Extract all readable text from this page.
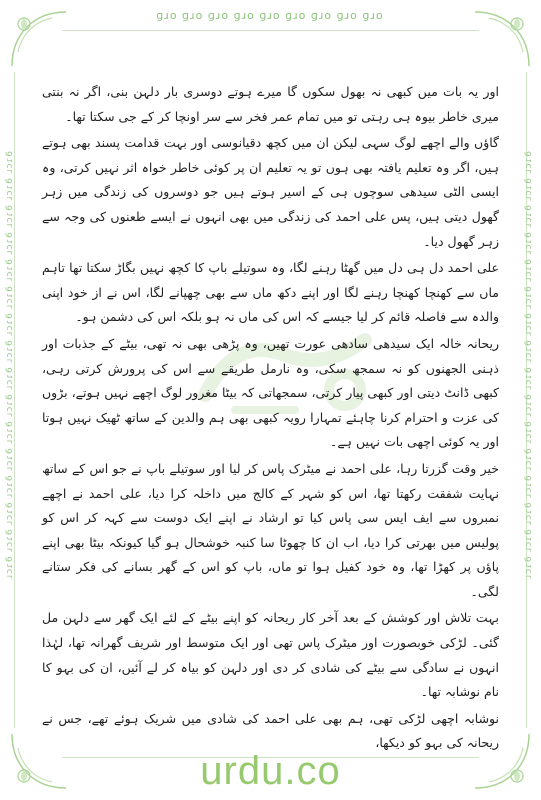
ɡɹo ɡɹo ɡɹo ɡɹo ɡɹo ɡɹo ɡɹo ɡɹo ɡɹo
ɹɔɾ6 ɹɔɾ6 ɹɔɾ6 ɹɔɾ6 ɹɔɾ6 ɹɔɾ6 ɹɔɾ6 ɹɔɾ6 ɹɔɾ6 ɹɔɾ6 ɹɔɾ6 ɹɔɾ6 ɹɔɾ6 ɹɔɾ6 ɹɔɾ6 ɹɔɾ6	ɹɔɾ6 ɹɔɾ6 ɹɔɾ6 ɹɔɾ6 ɹɔɾ6 ɹɔɾ6 ɹɔɾ6 ɹɔɾ6 ɹɔɾ6 ɹɔɾ6 ɹɔɾ6 ɹɔɾ6 ɹɔɾ6 ɹɔɾ6 ɹɔɾ6 ɹɔɾ6

اور یہ بات میں کبھی نہ بھول سکوں گا میرے ہوتے دوسری بار دلہن بنی، اگر نہ بنتی میری خاطر بیوہ ہی رہتی تو میں تمام عمر فخر سے سر اونچا کر کے جی سکتا تھا۔

گاؤں والے اچھے لوگ سہی لیکن ان میں کچھ دقیانوسی اور بہت قدامت پسند بھی ہوتے ہیں، اگر وہ تعلیم یافتہ بھی ہوں تو یہ تعلیم ان پر کوئی خاطر خواہ اثر نہیں کرتی، وہ ایسی الٹی سیدھی سوچوں ہی کے اسیر ہوتے ہیں جو دوسروں کی زندگی میں زہر گھول دیتی ہیں، پس علی احمد کی زندگی میں بھی انہوں نے ایسے طعنوں کی وجہ سے زہر گھول دیا۔

علی احمد دل ہی دل میں گھٹا رہنے لگا، وہ سوتیلے باپ کا کچھ نہیں بگاڑ سکتا تھا تاہم ماں سے کھنچا کھنچا رہنے لگا اور اپنے دکھ ماں سے بھی چھپانے لگا، اس نے از خود اپنی والدہ سے فاصلہ قائم کر لیا جیسے کہ اس کی ماں نہ ہو بلکہ اس کی دشمن ہو۔

ریحانہ خالہ ایک سیدھی سادھی عورت تھیں، وہ پڑھی بھی نہ تھی، بیٹے کے جذبات اور ذہنی الجھنوں کو نہ سمجھ سکی، وہ نارمل طریقے سے اس کی پرورش کرتی رہی، کبھی ڈانٹ دیتی اور کبھی پیار کرتی، سمجھاتی کہ بیٹا مغرور لوگ اچھے نہیں ہوتے، بڑوں کی عزت و احترام کرنا چاہئے تمہارا رویہ کبھی بھی ہم والدین کے ساتھ ٹھیک نہیں ہوتا اور یہ کوئی اچھی بات نہیں ہے۔

خیر وقت گزرتا رہا، علی احمد نے میٹرک پاس کر لیا اور سوتیلے باپ نے جو اس کے ساتھ نہایت شفقت رکھتا تھا، اس کو شہر کے کالج میں داخلہ کرا دیا، علی احمد نے اچھے نمبروں سے ایف ایس سی پاس کیا تو ارشاد نے اپنے ایک دوست سے کہہ کر اس کو پولیس میں بھرتی کرا دیا، اب ان کا چھوٹا سا کنبہ خوشحال ہو گیا کیونکہ بیٹا بھی اپنے پاؤں پر کھڑا تھا، وہ خود کفیل ہوا تو ماں، باپ کو اس کے گھر بسانے کی فکر ستانے لگی۔

بہت تلاش اور کوشش کے بعد آخر کار ریحانہ کو اپنے بیٹے کے لئے ایک گھر سے دلہن مل گئی۔ لڑکی خوبصورت اور میٹرک پاس تھی اور ایک متوسط اور شریف گھرانہ تھا، لہٰذا انہوں نے سادگی سے بیٹے کی شادی کر دی اور دلہن کو بیاہ کر لے آئیں، ان کی بہو کا نام نوشابہ تھا۔

نوشابہ اچھی لڑکی تھی، ہم بھی علی احمد کی شادی میں شریک ہوئے تھے، جس نے ریحانہ کی بہو کو دیکھا،

urdu.co
